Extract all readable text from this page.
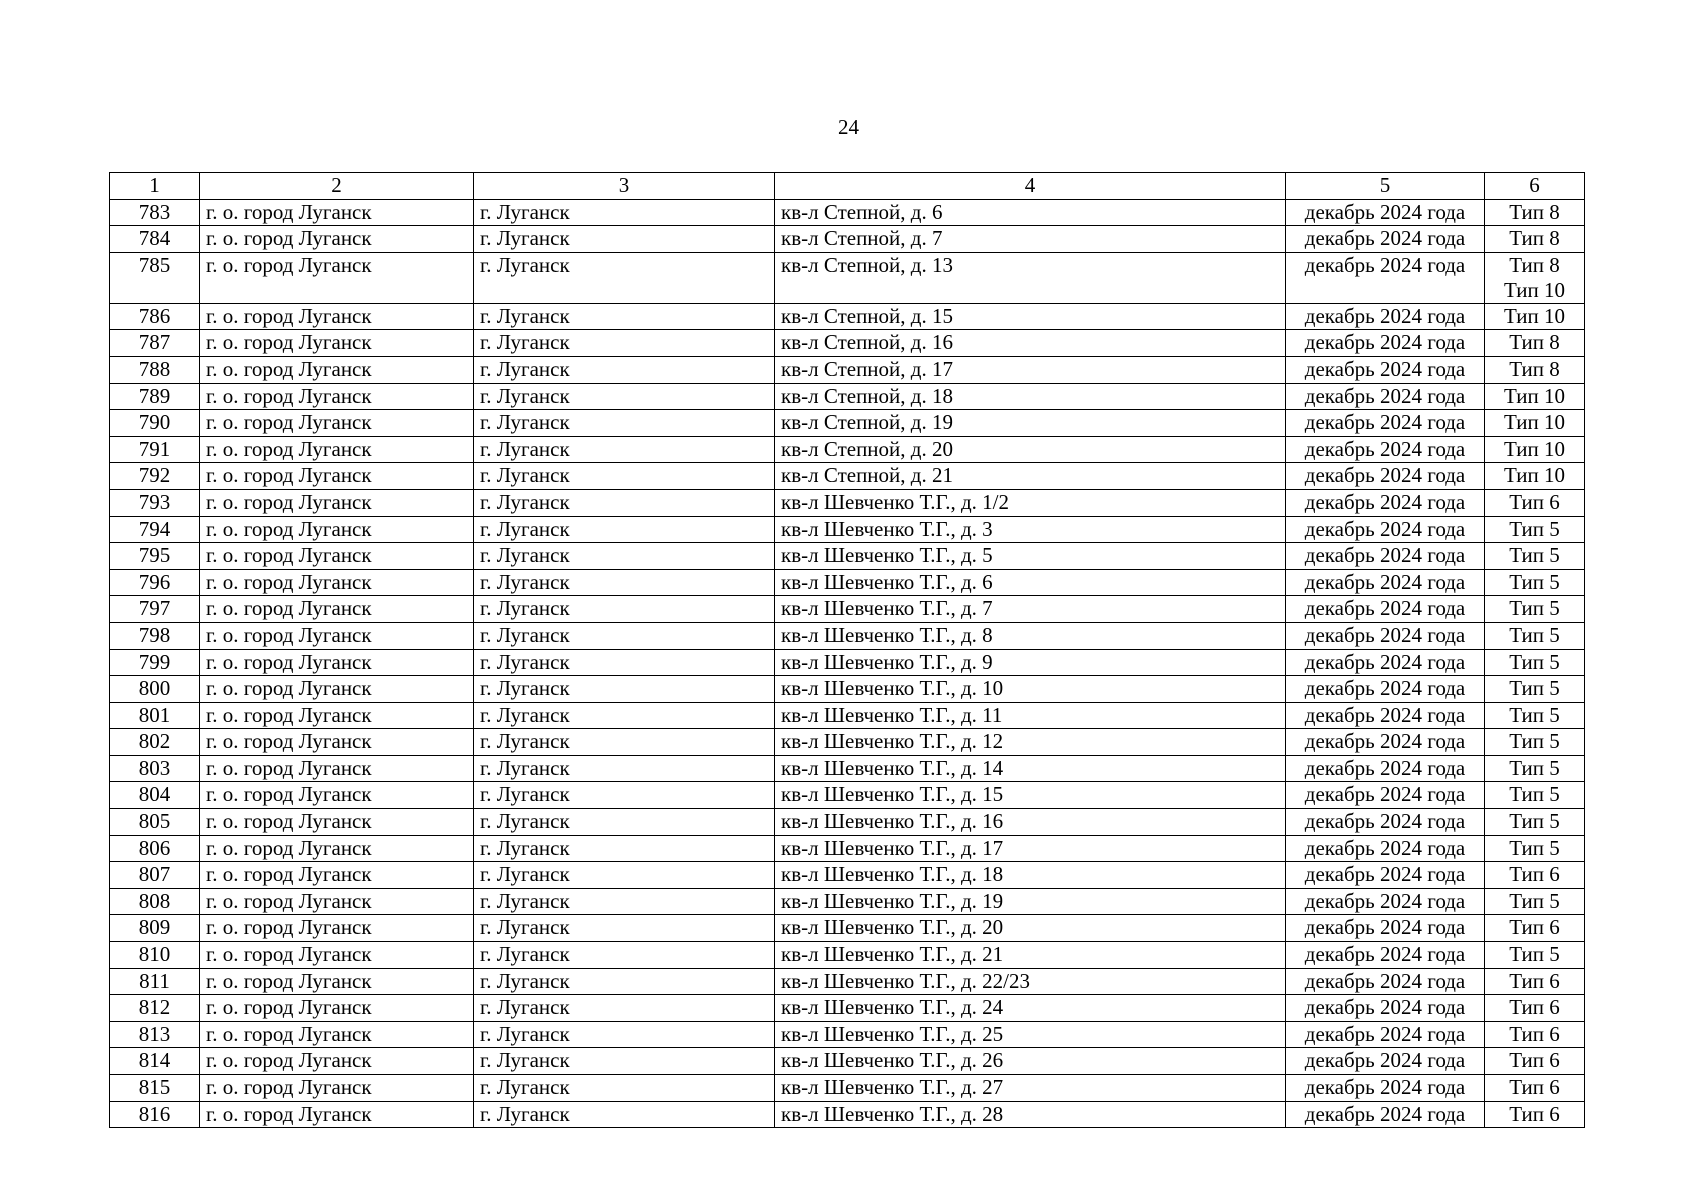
24
1	2	3	4	5	6
783	г. о. город Луганск	г. Луганск	кв-л Степной, д. 6	декабрь 2024 года	Тип 8

784	г. о. город Луганск	г. Луганск	кв-л Степной, д. 7	декабрь 2024 года	Тип 8

785	г. о. город Луганск	г. Луганск	кв-л Степной, д. 13	декабрь 2024 года	Тип 8
Тип 10

786	г. о. город Луганск	г. Луганск	кв-л Степной, д. 15	декабрь 2024 года	Тип 10

787	г. о. город Луганск	г. Луганск	кв-л Степной, д. 16	декабрь 2024 года	Тип 8

788	г. о. город Луганск	г. Луганск	кв-л Степной, д. 17	декабрь 2024 года	Тип 8

789	г. о. город Луганск	г. Луганск	кв-л Степной, д. 18	декабрь 2024 года	Тип 10

790	г. о. город Луганск	г. Луганск	кв-л Степной, д. 19	декабрь 2024 года	Тип 10

791	г. о. город Луганск	г. Луганск	кв-л Степной, д. 20	декабрь 2024 года	Тип 10

792	г. о. город Луганск	г. Луганск	кв-л Степной, д. 21	декабрь 2024 года	Тип 10

793	г. о. город Луганск	г. Луганск	кв-л Шевченко Т.Г., д. 1/2	декабрь 2024 года	Тип 6

794	г. о. город Луганск	г. Луганск	кв-л Шевченко Т.Г., д. 3	декабрь 2024 года	Тип 5

795	г. о. город Луганск	г. Луганск	кв-л Шевченко Т.Г., д. 5	декабрь 2024 года	Тип 5

796	г. о. город Луганск	г. Луганск	кв-л Шевченко Т.Г., д. 6	декабрь 2024 года	Тип 5

797	г. о. город Луганск	г. Луганск	кв-л Шевченко Т.Г., д. 7	декабрь 2024 года	Тип 5

798	г. о. город Луганск	г. Луганск	кв-л Шевченко Т.Г., д. 8	декабрь 2024 года	Тип 5

799	г. о. город Луганск	г. Луганск	кв-л Шевченко Т.Г., д. 9	декабрь 2024 года	Тип 5

800	г. о. город Луганск	г. Луганск	кв-л Шевченко Т.Г., д. 10	декабрь 2024 года	Тип 5

801	г. о. город Луганск	г. Луганск	кв-л Шевченко Т.Г., д. 11	декабрь 2024 года	Тип 5

802	г. о. город Луганск	г. Луганск	кв-л Шевченко Т.Г., д. 12	декабрь 2024 года	Тип 5

803	г. о. город Луганск	г. Луганск	кв-л Шевченко Т.Г., д. 14	декабрь 2024 года	Тип 5

804	г. о. город Луганск	г. Луганск	кв-л Шевченко Т.Г., д. 15	декабрь 2024 года	Тип 5

805	г. о. город Луганск	г. Луганск	кв-л Шевченко Т.Г., д. 16	декабрь 2024 года	Тип 5

806	г. о. город Луганск	г. Луганск	кв-л Шевченко Т.Г., д. 17	декабрь 2024 года	Тип 5

807	г. о. город Луганск	г. Луганск	кв-л Шевченко Т.Г., д. 18	декабрь 2024 года	Тип 6

808	г. о. город Луганск	г. Луганск	кв-л Шевченко Т.Г., д. 19	декабрь 2024 года	Тип 5

809	г. о. город Луганск	г. Луганск	кв-л Шевченко Т.Г., д. 20	декабрь 2024 года	Тип 6

810	г. о. город Луганск	г. Луганск	кв-л Шевченко Т.Г., д. 21	декабрь 2024 года	Тип 5

811	г. о. город Луганск	г. Луганск	кв-л Шевченко Т.Г., д. 22/23	декабрь 2024 года	Тип 6

812	г. о. город Луганск	г. Луганск	кв-л Шевченко Т.Г., д. 24	декабрь 2024 года	Тип 6

813	г. о. город Луганск	г. Луганск	кв-л Шевченко Т.Г., д. 25	декабрь 2024 года	Тип 6

814	г. о. город Луганск	г. Луганск	кв-л Шевченко Т.Г., д. 26	декабрь 2024 года	Тип 6

815	г. о. город Луганск	г. Луганск	кв-л Шевченко Т.Г., д. 27	декабрь 2024 года	Тип 6

816	г. о. город Луганск	г. Луганск	кв-л Шевченко Т.Г., д. 28	декабрь 2024 года	Тип 6
